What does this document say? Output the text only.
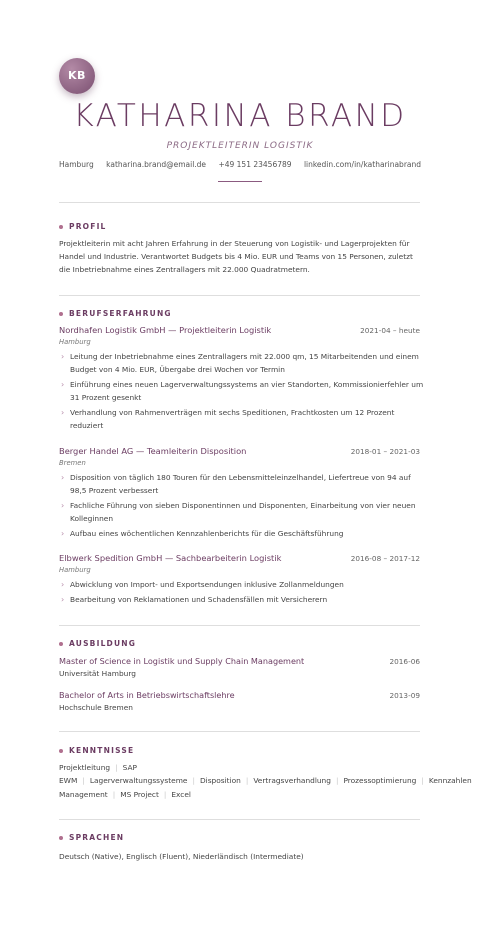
KB
KATHARINA BRAND
PROJEKTLEITERIN LOGISTIK
Hamburg katharina.brand@email.de +49 151 23456789 linkedin.com/in/katharinabrand
PROFIL
Projektleiterin mit acht Jahren Erfahrung in der Steuerung von Logistik- und Lagerprojekten für Handel und Industrie. Verantwortet Budgets bis 4 Mio. EUR und Teams von 15 Personen, zuletzt die Inbetriebnahme eines Zentrallagers mit 22.000 Quadratmetern.
BERUFSERFAHRUNG
Nordhafen Logistik GmbH — Projektleiterin Logistik	2021-04 – heute
Hamburg
› Leitung der Inbetriebnahme eines Zentrallagers mit 22.000 qm, 15 Mitarbeitenden und einem Budget von 4 Mio. EUR, Übergabe drei Wochen vor Termin
› Einführung eines neuen Lagerverwaltungssystems an vier Standorten, Kommissionierfehler um 31 Prozent gesenkt
› Verhandlung von Rahmenverträgen mit sechs Speditionen, Frachtkosten um 12 Prozent reduziert
Berger Handel AG — Teamleiterin Disposition	2018-01 – 2021-03
Bremen
› Disposition von täglich 180 Touren für den Lebensmitteleinzelhandel, Liefertreue von 94 auf 98,5 Prozent verbessert
› Fachliche Führung von sieben Disponentinnen und Disponenten, Einarbeitung von vier neuen Kolleginnen
› Aufbau eines wöchentlichen Kennzahlenberichts für die Geschäftsführung
Elbwerk Spedition GmbH — Sachbearbeiterin Logistik	2016-08 – 2017-12
Hamburg
› Abwicklung von Import- und Exportsendungen inklusive Zollanmeldungen
› Bearbeitung von Reklamationen und Schadensfällen mit Versicherern
AUSBILDUNG
Master of Science in Logistik und Supply Chain Management	2016-06
Universität Hamburg
Bachelor of Arts in Betriebswirtschaftslehre	2013-09
Hochschule Bremen
KENNTNISSE
Projektleitung | SAP
EWM | Lagerverwaltungssysteme | Disposition | Vertragsverhandlung | Prozessoptimierung | Kennzahlen
Management | MS Project | Excel
SPRACHEN
Deutsch (Native), Englisch (Fluent), Niederländisch (Intermediate)
